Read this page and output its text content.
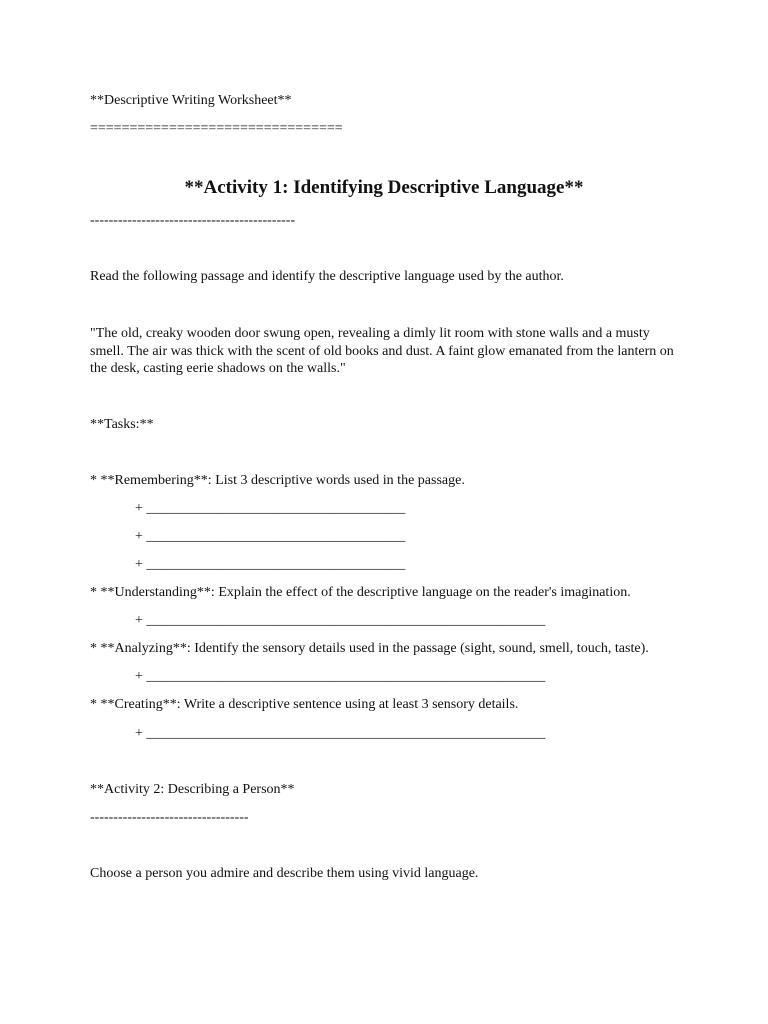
**Descriptive Writing Worksheet**
================================
**Activity 1: Identifying Descriptive Language**
--------------------------------------------
Read the following passage and identify the descriptive language used by the author.
"The old, creaky wooden door swung open, revealing a dimly lit room with stone walls and a musty smell. The air was thick with the scent of old books and dust. A faint glow emanated from the lantern on the desk, casting eerie shadows on the walls."
**Tasks:**
* **Remembering**: List 3 descriptive words used in the passage.
+ _____________________________________
+ _____________________________________
+ _____________________________________
* **Understanding**: Explain the effect of the descriptive language on the reader's imagination.
+ _________________________________________________________
* **Analyzing**: Identify the sensory details used in the passage (sight, sound, smell, touch, taste).
+ _________________________________________________________
* **Creating**: Write a descriptive sentence using at least 3 sensory details.
+ _________________________________________________________
**Activity 2: Describing a Person**
----------------------------------
Choose a person you admire and describe them using vivid language.
